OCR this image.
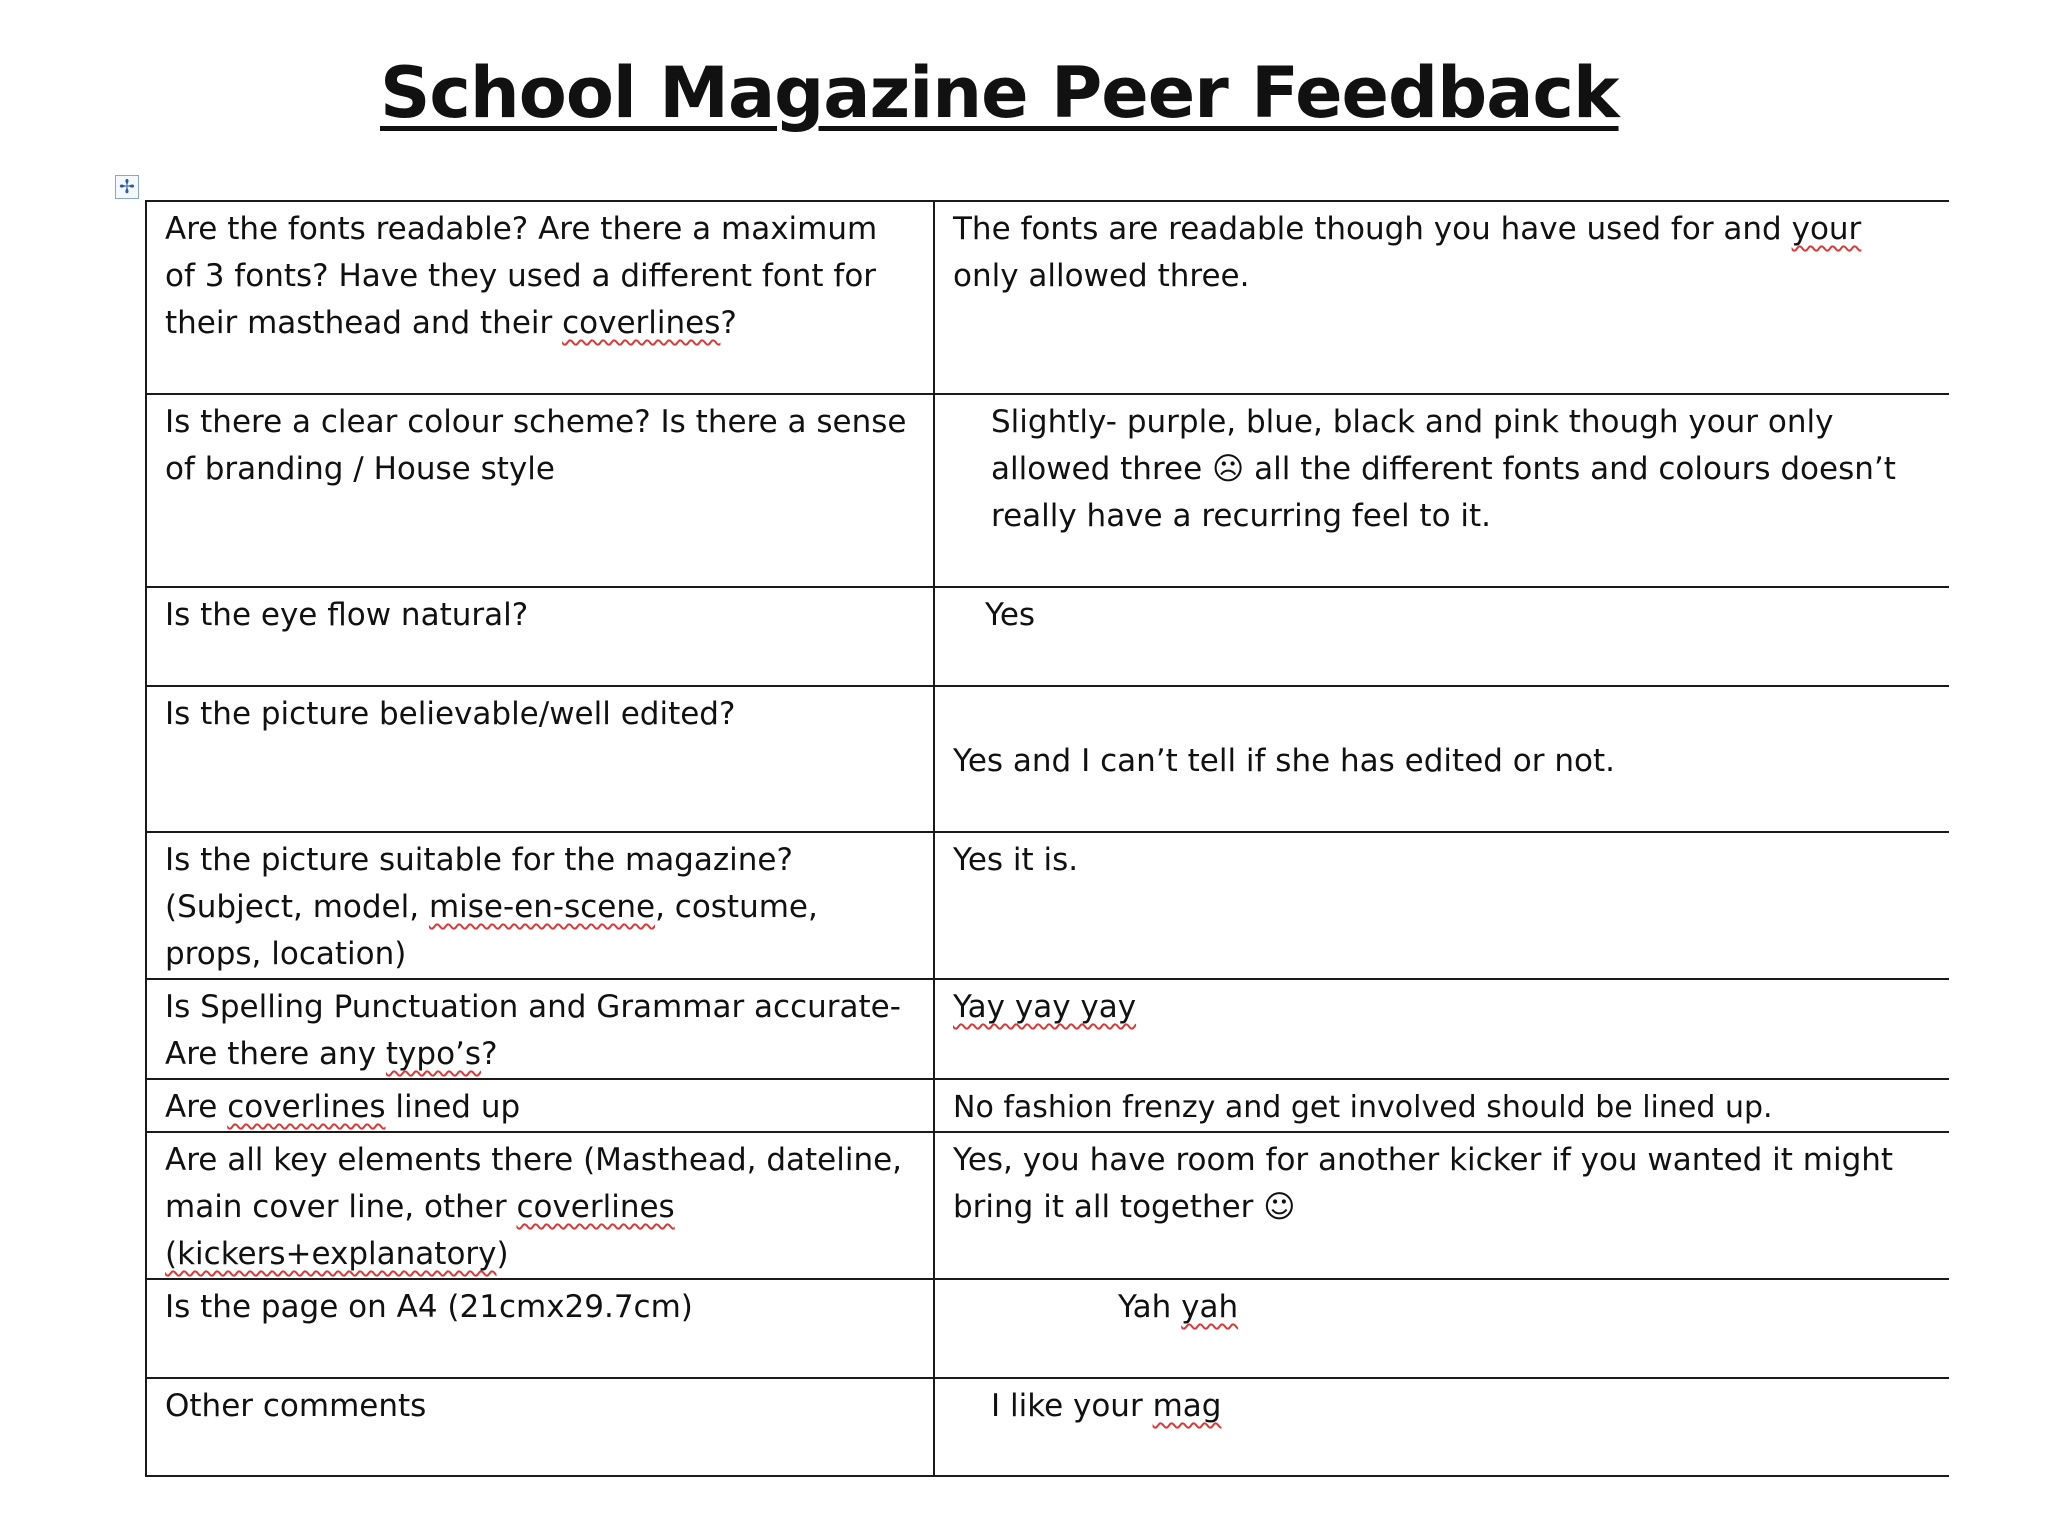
School Magazine Peer Feedback
✢
Are the fonts readable? Are there a maximum of 3 fonts? Have they used a different font for their masthead and their coverlines?	The fonts are readable though you have used for and your only allowed three.
Is there a clear colour scheme? Is there a sense of branding / House style	Slightly- purple, blue, black and pink though your only allowed three ☹ all the different fonts and colours doesn’t really have a recurring feel to it.
Is the eye flow natural?	Yes
Is the picture believable/well edited?	Yes and I can’t tell if she has edited or not.
Is the picture suitable for the magazine? (Subject, model, mise-en-scene, costume, props, location)	Yes it is.
Is Spelling Punctuation and Grammar accurate-Are there any typo’s?	Yay yay yay
Are coverlines lined up	No fashion frenzy and get involved should be lined up.
Are all key elements there (Masthead, dateline, main cover line, other coverlines (kickers+explanatory)	Yes, you have room for another kicker if you wanted it might bring it all together ☺
Is the page on A4 (21cmx29.7cm)	Yah yah
Other comments	I like your mag
